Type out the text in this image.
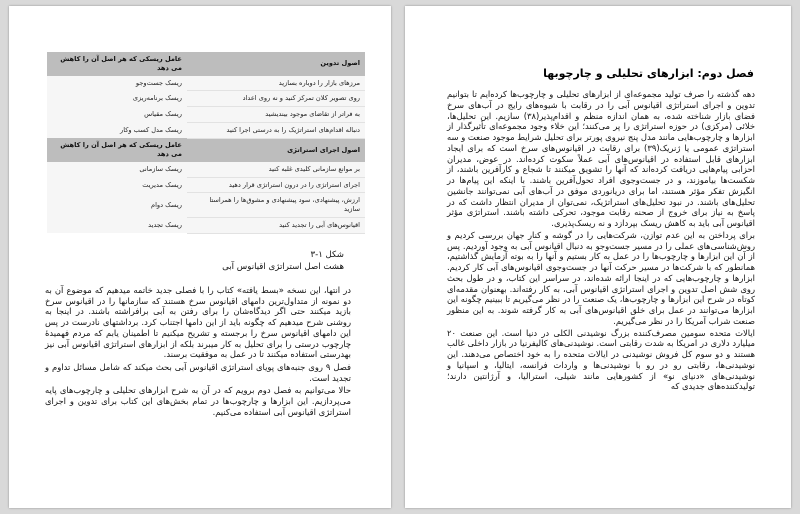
اصول تدوین	عامل ریسکی که هر اصل آن را کاهش می دهد
مرزهای بازار را دوباره بسازید	ریسک جست‌وجو
روی تصویر کلان تمرکز کنید و نه روی اعداد	ریسک برنامه‌ریزی
به فراتر از تقاضای موجود بیندیشید	ریسک مقیاس
دنباله اقدام‌های استراتژیک را به درستی اجرا کنید	ریسک مدل کسب وکار
اصول اجرای استراتژی	عامل ریسکی که هر اصل آن را کاهش می دهد
بر موانع سازمانی کلیدی غلبه کنید	ریسک سازمانی
اجرای استراتژی را در درون استراتژی قرار دهید	ریسک مدیریت
ارزش، پیشنهادی، سود پیشنهادی و مشوق‌ها را همراستا سازید	ریسک دوام
اقیانوس‌های آبی را تجدید کنید	ریسک تجدید
شکل ۱-۳
هشت اصل استراتژی اقیانوس آبی

در انتها، این نسخه «بسط یافته» کتاب را با فصلی جدید خاتمه میدهیم که موضوع آن به دو نمونه از متداول‌ترین دامهای اقیانوس سرخ هستند که سازمانها را در اقیانوس سرخ بازید میکنند حتی اگر دیدگاه‌شان را برای رفتن به آبی برافراشته باشند. در اینجا به روشنی شرح میدهیم که چگونه باید از این دامها اجتناب کرد. برداشتهای نادرست در پس این دامهای اقیانوس سرخ را برجسته و تشریح میکنیم تا اطمینان یابم که مردم فهمیدهٔ چارچوب درستی را برای تحلیل به کار میبرند بلکه از ابزارهای استراتژی اقیانوس آبی نیز بهدرستی استفاده میکنند تا در عمل به موفقیت برسند.

فصل ۹ روی جنبه‌های پویای استراتژی اقیانوس آبی بحث میکند که شامل مسائل تداوم و تجدید است.

حالا می‌توانیم به فصل دوم برویم که در آن به شرح ابزارهای تحلیلی و چارچوب‌های پایه می‌پردازیم. این ابزارها و چارچوب‌ها در تمام بخش‌های این کتاب برای تدوین و اجرای استراتژی اقیانوس آبی استفاده می‌کنیم.

فصل دوم: ابزارهای تحلیلی و چارچوبها

دهه گذشته را صرف تولید مجموعه‌ای از ابزارهای تحلیلی و چارچوب‌ها کرده‌ایم تا بتوانیم تدوین و اجرای استراتژی اقیانوس آبی را در رقابت با شیوه‌های رایج در آب‌های سرخ فضای بازار شناخته شده، به همان اندازه منظم و اقدام‌پذیر(۳۸) سازیم. این تحلیل‌ها، خلائی (مرکزی) در حوزه استراتژی را پر می‌کنند؛ این خلاء وجود مجموعه‌ای تأثیرگذار از ابزارها و چارچوب‌هایی مانند مدل پنج نیروی پورتر برای تحلیل شرایط موجود صنعت و سه استراتژی عمومی یا ژنریک(۳۹) برای رقابت در اقیانوس‌های سرخ است که برای ایجاد ابزارهای قابل استفاده در اقیانوس‌های آبی عملاً سکوت کرده‌اند. در عوض، مدیران احزابی پیام‌هایی دریافت کرده‌اند که آنها را تشویق میکنند تا شجاع و کارآفرین باشند، از شکست‌ها بیاموزند، و در جست‌وجوی افراد تحول‌آفرین باشند. با اینکه این پیام‌ها در انگیزش تفکر مؤثر هستند، اما برای دریانوردی موفق در آب‌های آبی نمی‌توانند جانشین تحلیل‌های باشند. در نبود تحلیل‌های استراتژیک، نمی‌توان از مدیران انتظار داشت که در پاسخ به نیاز برای خروج از صحنه رقابت موجود، تحرکی داشته باشند. استراتژی مؤثر اقیانوس آبی باید به کاهش ریسک بپردازد و نه ریسک‌پذیری.

برای پرداختن به این عدم توازن، شرکت‌هایی را در گوشه و کنار جهان بررسی کردیم و روش‌شناسی‌های عملی را در مسیر جست‌وجو به دنبال اقیانوس آبی به وجود آوردیم. پس از آن این ابزارها و چارچوب‌ها را در عمل به کار بستیم و آنها را به بوته آزمایش گذاشتیم، همانطور که با شرکت‌ها در مسیر حرکت آنها در جست‌وجوی اقیانوس‌های آبی کار کردیم. ابزارها و چارچوب‌هایی که در اینجا ارائه شده‌اند، در سراسر این کتاب، و در طول بحث روی شش اصل تدوین و اجرای استراتژی اقیانوس آبی، به کار رفته‌اند. بهعنوان مقدمه‌ای کوتاه در شرح این ابزارها و چارچوب‌ها، یک صنعت را در نظر می‌گیریم تا ببینیم چگونه این ابزارها می‌توانند در عمل برای خلق اقیانوس‌های آبی به کار گرفته شوند. به این منظور صنعت شراب آمریکا را در نظر می‌گیریم.

ایالات متحده سومین مصرف‌کننده بزرگ نوشیدنی الکلی در دنیا است. این صنعت ۲۰ میلیارد دلاری در امریکا به شدت رقابتی است. نوشیدنی‌های کالیفرنیا در بازار داخلی غالب هستند و دو سوم کل فروش نوشیدنی در ایالات متحده را به خود اختصاص می‌دهند. این نوشیدنی‌ها، رقابتی رو در رو با نوشیدنی‌ها و واردات فرانسه، ایتالیا، و اسپانیا و نوشیدنی‌های «دنیای نو» از کشورهایی مانند شیلی، استرالیا، و آرژانتین دارند؛ تولیدکننده‌های جدیدی که
